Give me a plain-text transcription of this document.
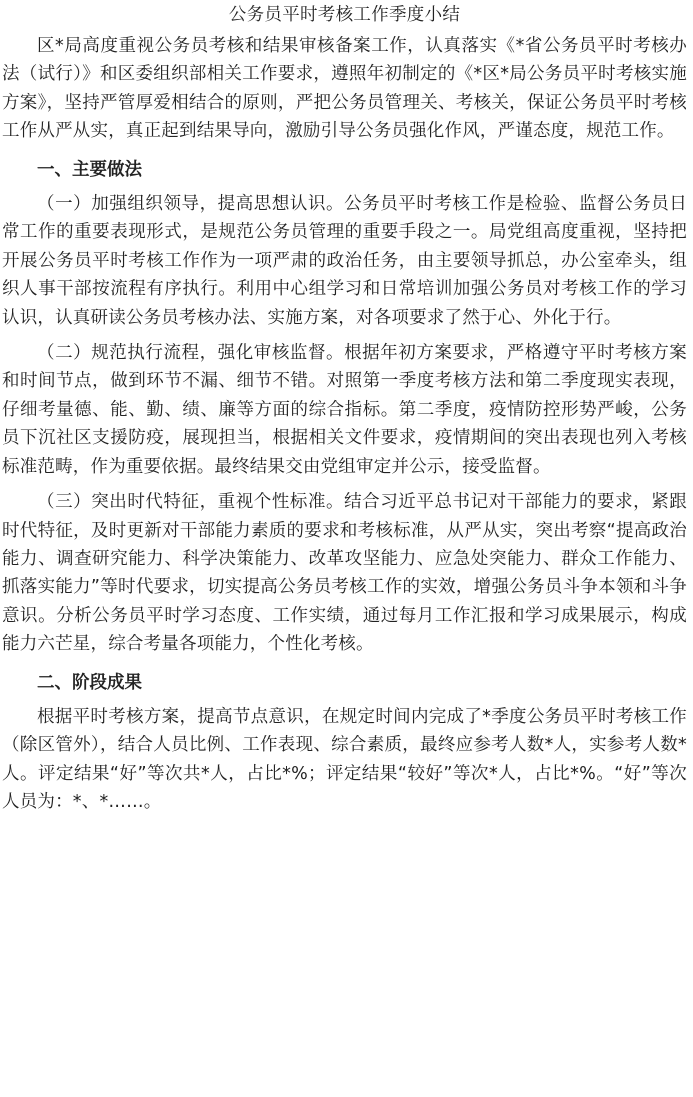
公务员平时考核工作季度小结

区*局高度重视公务员考核和结果审核备案工作，认真落实《*省公务员平时考核办法（试行）》和区委组织部相关工作要求，遵照年初制定的《*区*局公务员平时考核实施方案》，坚持严管厚爱相结合的原则，严把公务员管理关、考核关，保证公务员平时考核工作从严从实，真正起到结果导向，激励引导公务员强化作风，严谨态度，规范工作。

一、主要做法

（一）加强组织领导，提高思想认识。公务员平时考核工作是检验、监督公务员日常工作的重要表现形式，是规范公务员管理的重要手段之一。局党组高度重视，坚持把开展公务员平时考核工作作为一项严肃的政治任务，由主要领导抓总，办公室牵头，组织人事干部按流程有序执行。利用中心组学习和日常培训加强公务员对考核工作的学习认识，认真研读公务员考核办法、实施方案，对各项要求了然于心、外化于行。

（二）规范执行流程，强化审核监督。根据年初方案要求，严格遵守平时考核方案和时间节点，做到环节不漏、细节不错。对照第一季度考核方法和第二季度现实表现，仔细考量德、能、勤、绩、廉等方面的综合指标。第二季度，疫情防控形势严峻，公务员下沉社区支援防疫，展现担当，根据相关文件要求，疫情期间的突出表现也列入考核标准范畴，作为重要依据。最终结果交由党组审定并公示，接受监督。

（三）突出时代特征，重视个性标准。结合习近平总书记对干部能力的要求，紧跟时代特征，及时更新对干部能力素质的要求和考核标准，从严从实，突出考察“提高政治能力、调查研究能力、科学决策能力、改革攻坚能力、应急处突能力、群众工作能力、抓落实能力”等时代要求，切实提高公务员考核工作的实效，增强公务员斗争本领和斗争意识。分析公务员平时学习态度、工作实绩，通过每月工作汇报和学习成果展示，构成能力六芒星，综合考量各项能力，个性化考核。

二、阶段成果

根据平时考核方案，提高节点意识，在规定时间内完成了*季度公务员平时考核工作（除区管外），结合人员比例、工作表现、综合素质，最终应参考人数*人，实参考人数*人。评定结果“好”等次共*人，占比*%；评定结果“较好”等次*人，占比*%。“好”等次人员为：*、*……。
